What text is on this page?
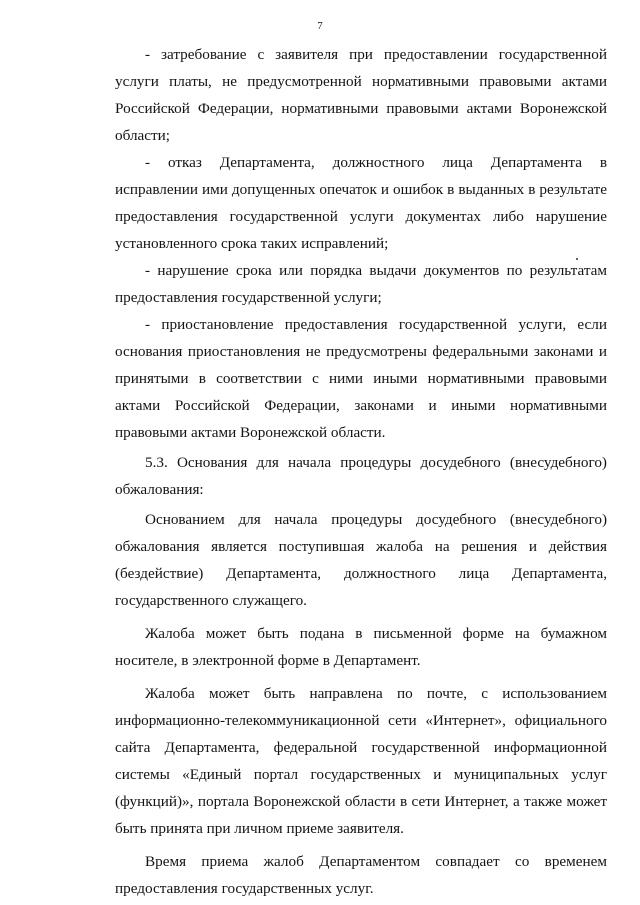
7

- затребование с заявителя при предоставлении государственной услуги платы, не предусмотренной нормативными правовыми актами Российской Федерации, нормативными правовыми актами Воронежской области;

- отказ Департамента, должностного лица Департамента в исправлении ими допущенных опечаток и ошибок в выданных в результате предоставления государственной услуги документах либо нарушение установленного срока таких исправлений;

- нарушение срока или порядка выдачи документов по результатам предоставления государственной услуги;

- приостановление предоставления государственной услуги, если основания приостановления не предусмотрены федеральными законами и принятыми в соответствии с ними иными нормативными правовыми актами Российской Федерации, законами и иными нормативными правовыми актами Воронежской области.

5.3. Основания для начала процедуры досудебного (внесудебного) обжалования:

Основанием для начала процедуры досудебного (внесудебного) обжалования является поступившая жалоба на решения и действия (бездействие) Департамента, должностного лица Департамента, государственного служащего.

Жалоба может быть подана в письменной форме на бумажном носителе, в электронной форме в Департамент.

Жалоба может быть направлена по почте, с использованием информационно-телекоммуникационной сети «Интернет», официального сайта Департамента, федеральной государственной информационной системы «Единый портал государственных и муниципальных услуг (функций)», портала Воронежской области в сети Интернет, а также может быть принята при личном приеме заявителя.

Время приема жалоб Департаментом совпадает со временем предоставления государственных услуг.
